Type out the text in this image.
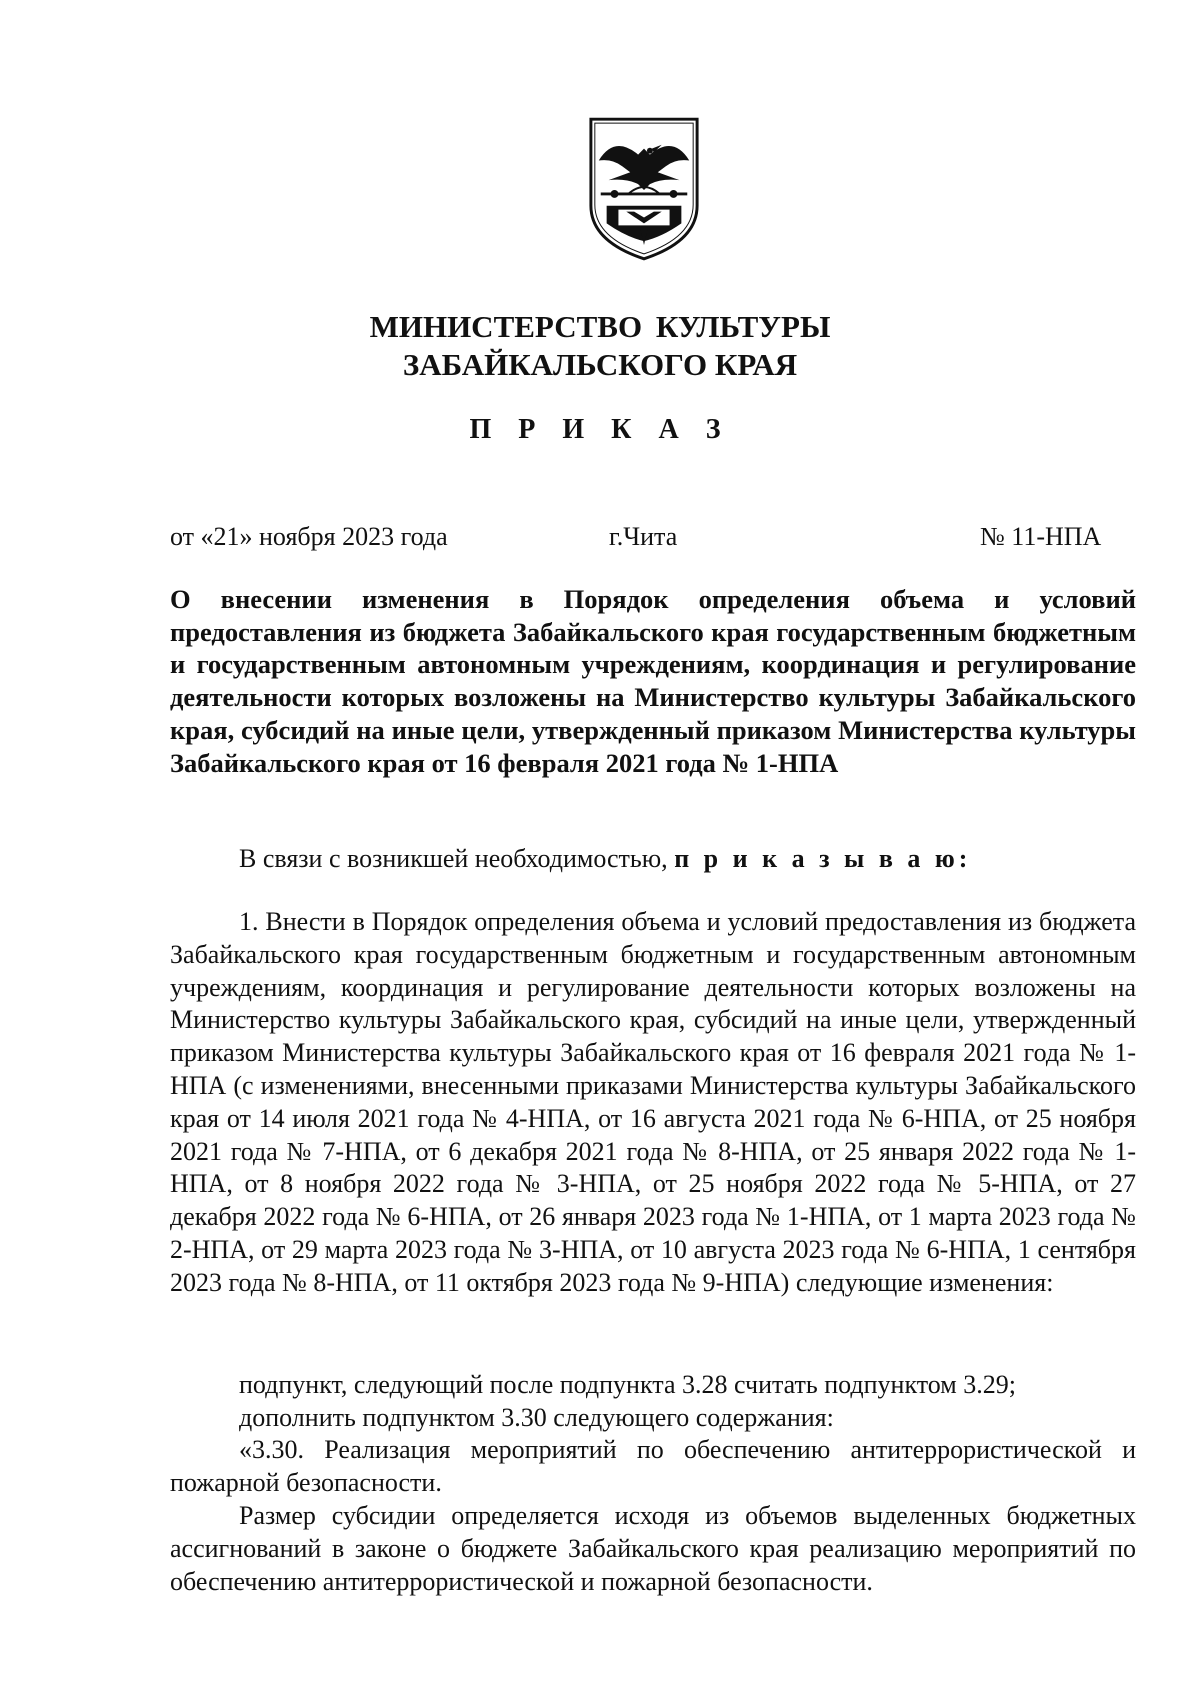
МИНИСТЕРСТВО КУЛЬТУРЫ
ЗАБАЙКАЛЬСКОГО КРАЯ
П Р И К А З
от «21» ноября 2023 года	г.Чита	№ 11-НПА

О внесении изменения в Порядок определения объема и условий предоставления из бюджета Забайкальского края государственным бюджетным и государственным автономным учреждениям, координация и регулирование деятельности которых возложены на Министерство культуры Забайкальского края, субсидий на иные цели, утвержденный приказом Министерства культуры Забайкальского края от 16 февраля 2021 года № 1-НПА

В связи с возникшей необходимостью, п р и к а з ы в а ю:

1. Внести в Порядок определения объема и условий предоставления из бюджета Забайкальского края государственным бюджетным и государственным автономным учреждениям, координация и регулирование деятельности которых возложены на Министерство культуры Забайкальского края, субсидий на иные цели, утвержденный приказом Министерства культуры Забайкальского края от 16 февраля 2021 года № 1-НПА (с изменениями, внесенными приказами Министерства культуры Забайкальского края от 14 июля 2021 года № 4-НПА, от 16 августа 2021 года № 6-НПА, от 25 ноября 2021 года № 7-НПА, от 6 декабря 2021 года № 8-НПА, от 25 января 2022 года № 1-НПА, от 8 ноября 2022 года № 3-НПА, от 25 ноября 2022 года № 5-НПА, от 27 декабря 2022 года № 6-НПА, от 26 января 2023 года № 1-НПА, от 1 марта 2023 года № 2-НПА, от 29 марта 2023 года № 3-НПА, от 10 августа 2023 года № 6-НПА, 1 сентября 2023 года № 8-НПА, от 11 октября 2023 года № 9-НПА) следующие изменения:

подпункт, следующий после подпункта 3.28 считать подпунктом 3.29;

дополнить подпунктом 3.30 следующего содержания:

«3.30. Реализация мероприятий по обеспечению антитеррористической и пожарной безопасности.

Размер субсидии определяется исходя из объемов выделенных бюджетных ассигнований в законе о бюджете Забайкальского края реализацию мероприятий по обеспечению антитеррористической и пожарной безопасности.
